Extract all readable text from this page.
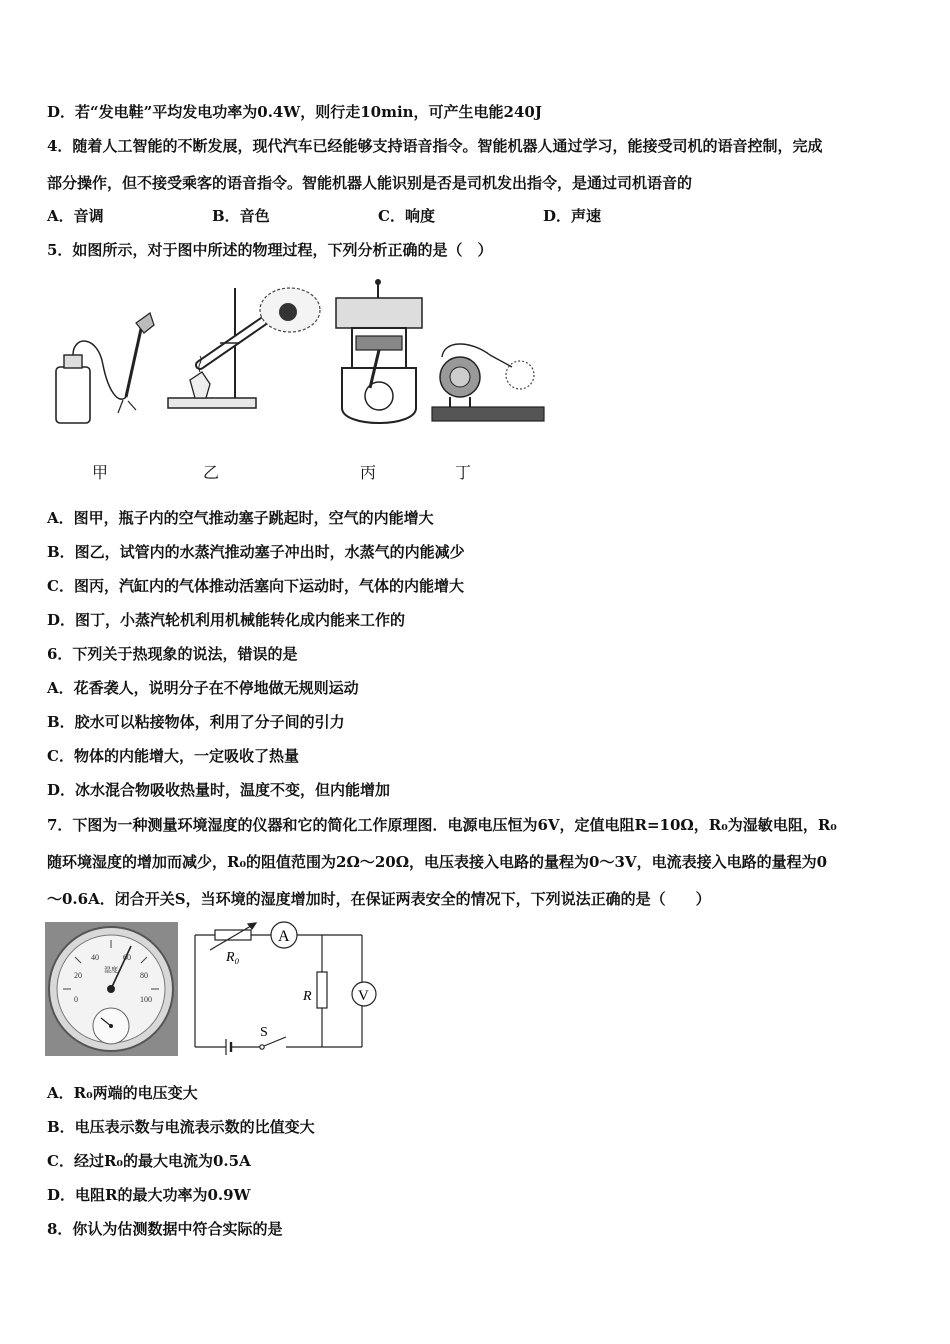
D．若“发电鞋”平均发电功率为0.4W，则行走10min，可产生电能240J
4．随着人工智能的不断发展，现代汽车已经能够支持语音指令。智能机器人通过学习，能接受司机的语音控制，完成
部分操作，但不接受乘客的语音指令。智能机器人能识别是否是司机发出指令，是通过司机语音的
A．音调	B．音色	C．响度	D．声速
5．如图所示，对于图中所述的物理过程，下列分析正确的是（　）
甲	乙	丙	丁
A．图甲，瓶子内的空气推动塞子跳起时，空气的内能增大
B．图乙，试管内的水蒸汽推动塞子冲出时，水蒸气的内能减少
C．图丙，汽缸内的气体推动活塞向下运动时，气体的内能增大
D．图丁，小蒸汽轮机利用机械能转化成内能来工作的
6．下列关于热现象的说法，错误的是
A．花香袭人，说明分子在不停地做无规则运动
B．胶水可以粘接物体，利用了分子间的引力
C．物体的内能增大，一定吸收了热量
D．冰水混合物吸收热量时，温度不变，但内能增加
7．下图为一种测量环境湿度的仪器和它的简化工作原理图．电源电压恒为6V，定值电阻R=10Ω，R₀为湿敏电阻，R₀
随环境湿度的增加而减少，R₀的阻值范围为2Ω～20Ω，电压表接入电路的量程为0～3V，电流表接入电路的量程为0
～0.6A．闭合开关S，当环境的湿度增加时，在保证两表安全的情况下，下列说法正确的是（　　）
0
20
40	60
80
100
湿度
A
V
R₀
R
S
A．R₀两端的电压变大
B．电压表示数与电流表示数的比值变大
C．经过R₀的最大电流为0.5A
D．电阻R的最大功率为0.9W
8．你认为估测数据中符合实际的是
